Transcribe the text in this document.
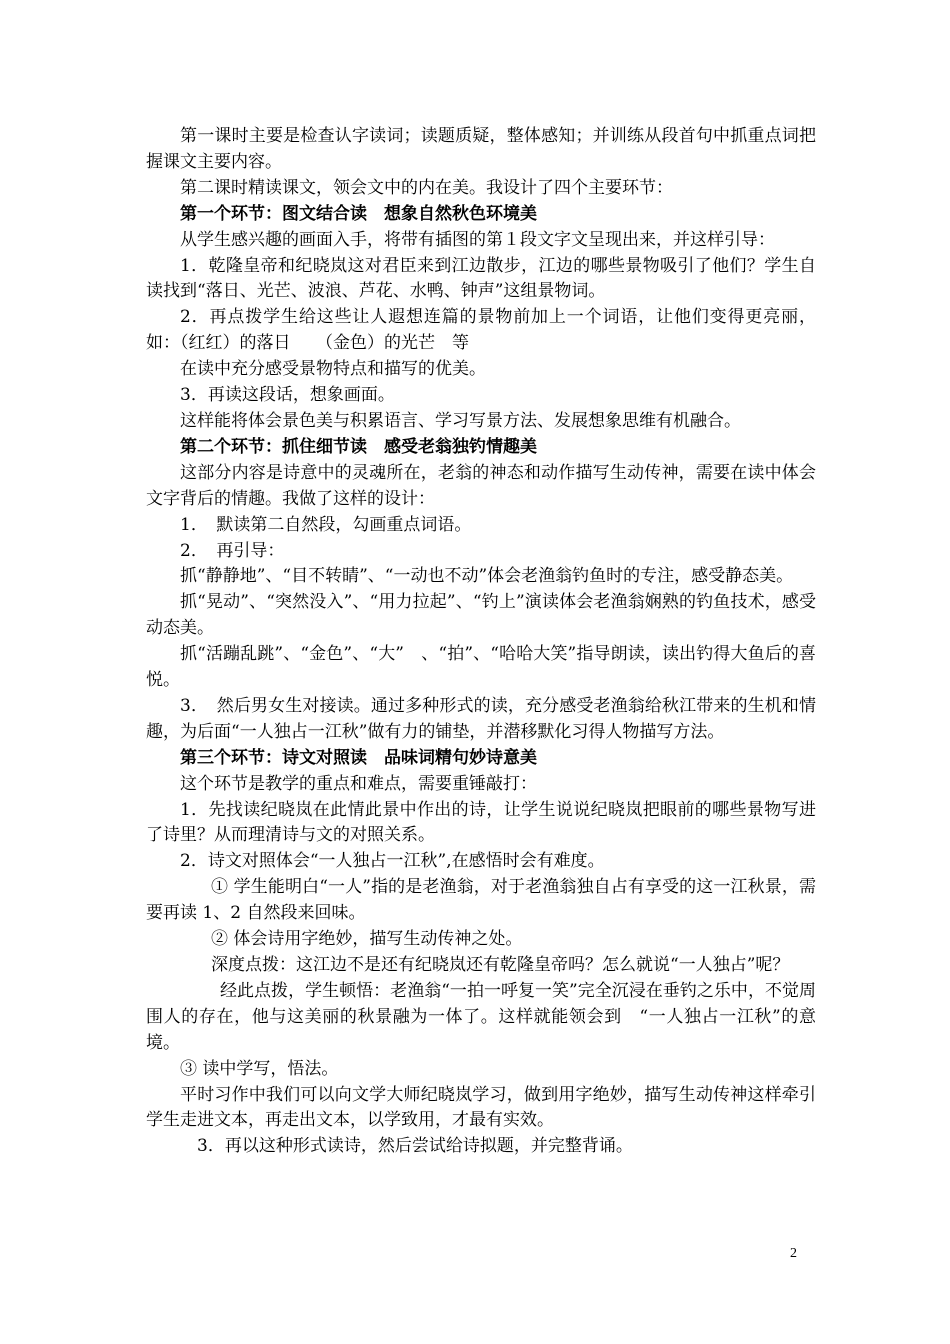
第一课时主要是检查认字读词；读题质疑，整体感知；并训练从段首句中抓重点词把握课文主要内容。

第二课时精读课文，领会文中的内在美。我设计了四个主要环节：

第一个环节：图文结合读　想象自然秋色环境美

从学生感兴趣的画面入手，将带有插图的第１段文字文呈现出来，并这样引导：

1．乾隆皇帝和纪晓岚这对君臣来到江边散步，江边的哪些景物吸引了他们？学生自读找到“落日、光芒、波浪、芦花、水鸭、钟声”这组景物词。

2．再点拨学生给这些让人遐想连篇的景物前加上一个词语，让他们变得更亮丽，如：（红红）的落日　　（金色）的光芒　等

在读中充分感受景物特点和描写的优美。

3．再读这段话，想象画面。

这样能将体会景色美与积累语言、学习写景方法、发展想象思维有机融合。

第二个环节：抓住细节读　感受老翁独钓情趣美

这部分内容是诗意中的灵魂所在，老翁的神态和动作描写生动传神，需要在读中体会文字背后的情趣。我做了这样的设计：

1．　默读第二自然段，勾画重点词语。

2．　再引导：

抓“静静地”、“目不转睛”、“一动也不动”体会老渔翁钓鱼时的专注，感受静态美。

抓“晃动”、“突然没入”、“用力拉起”、“钓上”演读体会老渔翁娴熟的钓鱼技术，感受动态美。

抓“活蹦乱跳”、“金色”、“大”　、“拍”、“哈哈大笑”指导朗读，读出钓得大鱼后的喜悦。

3．　然后男女生对接读。通过多种形式的读，充分感受老渔翁给秋江带来的生机和情趣，为后面“一人独占一江秋”做有力的铺垫，并潜移默化习得人物描写方法。

第三个环节：诗文对照读　品味词精句妙诗意美

这个环节是教学的重点和难点，需要重锤敲打：

1．先找读纪晓岚在此情此景中作出的诗，让学生说说纪晓岚把眼前的哪些景物写进了诗里？从而理清诗与文的对照关系。

2．诗文对照体会“一人独占一江秋”,在感悟时会有难度。

① 学生能明白“一人”指的是老渔翁，对于老渔翁独自占有享受的这一江秋景，需要再读 1、2 自然段来回味。

② 体会诗用字绝妙，描写生动传神之处。

深度点拨：这江边不是还有纪晓岚还有乾隆皇帝吗？怎么就说“一人独占”呢？

经此点拨，学生顿悟：老渔翁“一拍一呼复一笑”完全沉浸在垂钓之乐中，不觉周围人的存在，他与这美丽的秋景融为一体了。这样就能领会到　“一人独占一江秋”的意境。

③ 读中学写，悟法。

平时习作中我们可以向文学大师纪晓岚学习，做到用字绝妙，描写生动传神这样牵引学生走进文本，再走出文本，以学致用，才最有实效。

　3．再以这种形式读诗，然后尝试给诗拟题，并完整背诵。

2
